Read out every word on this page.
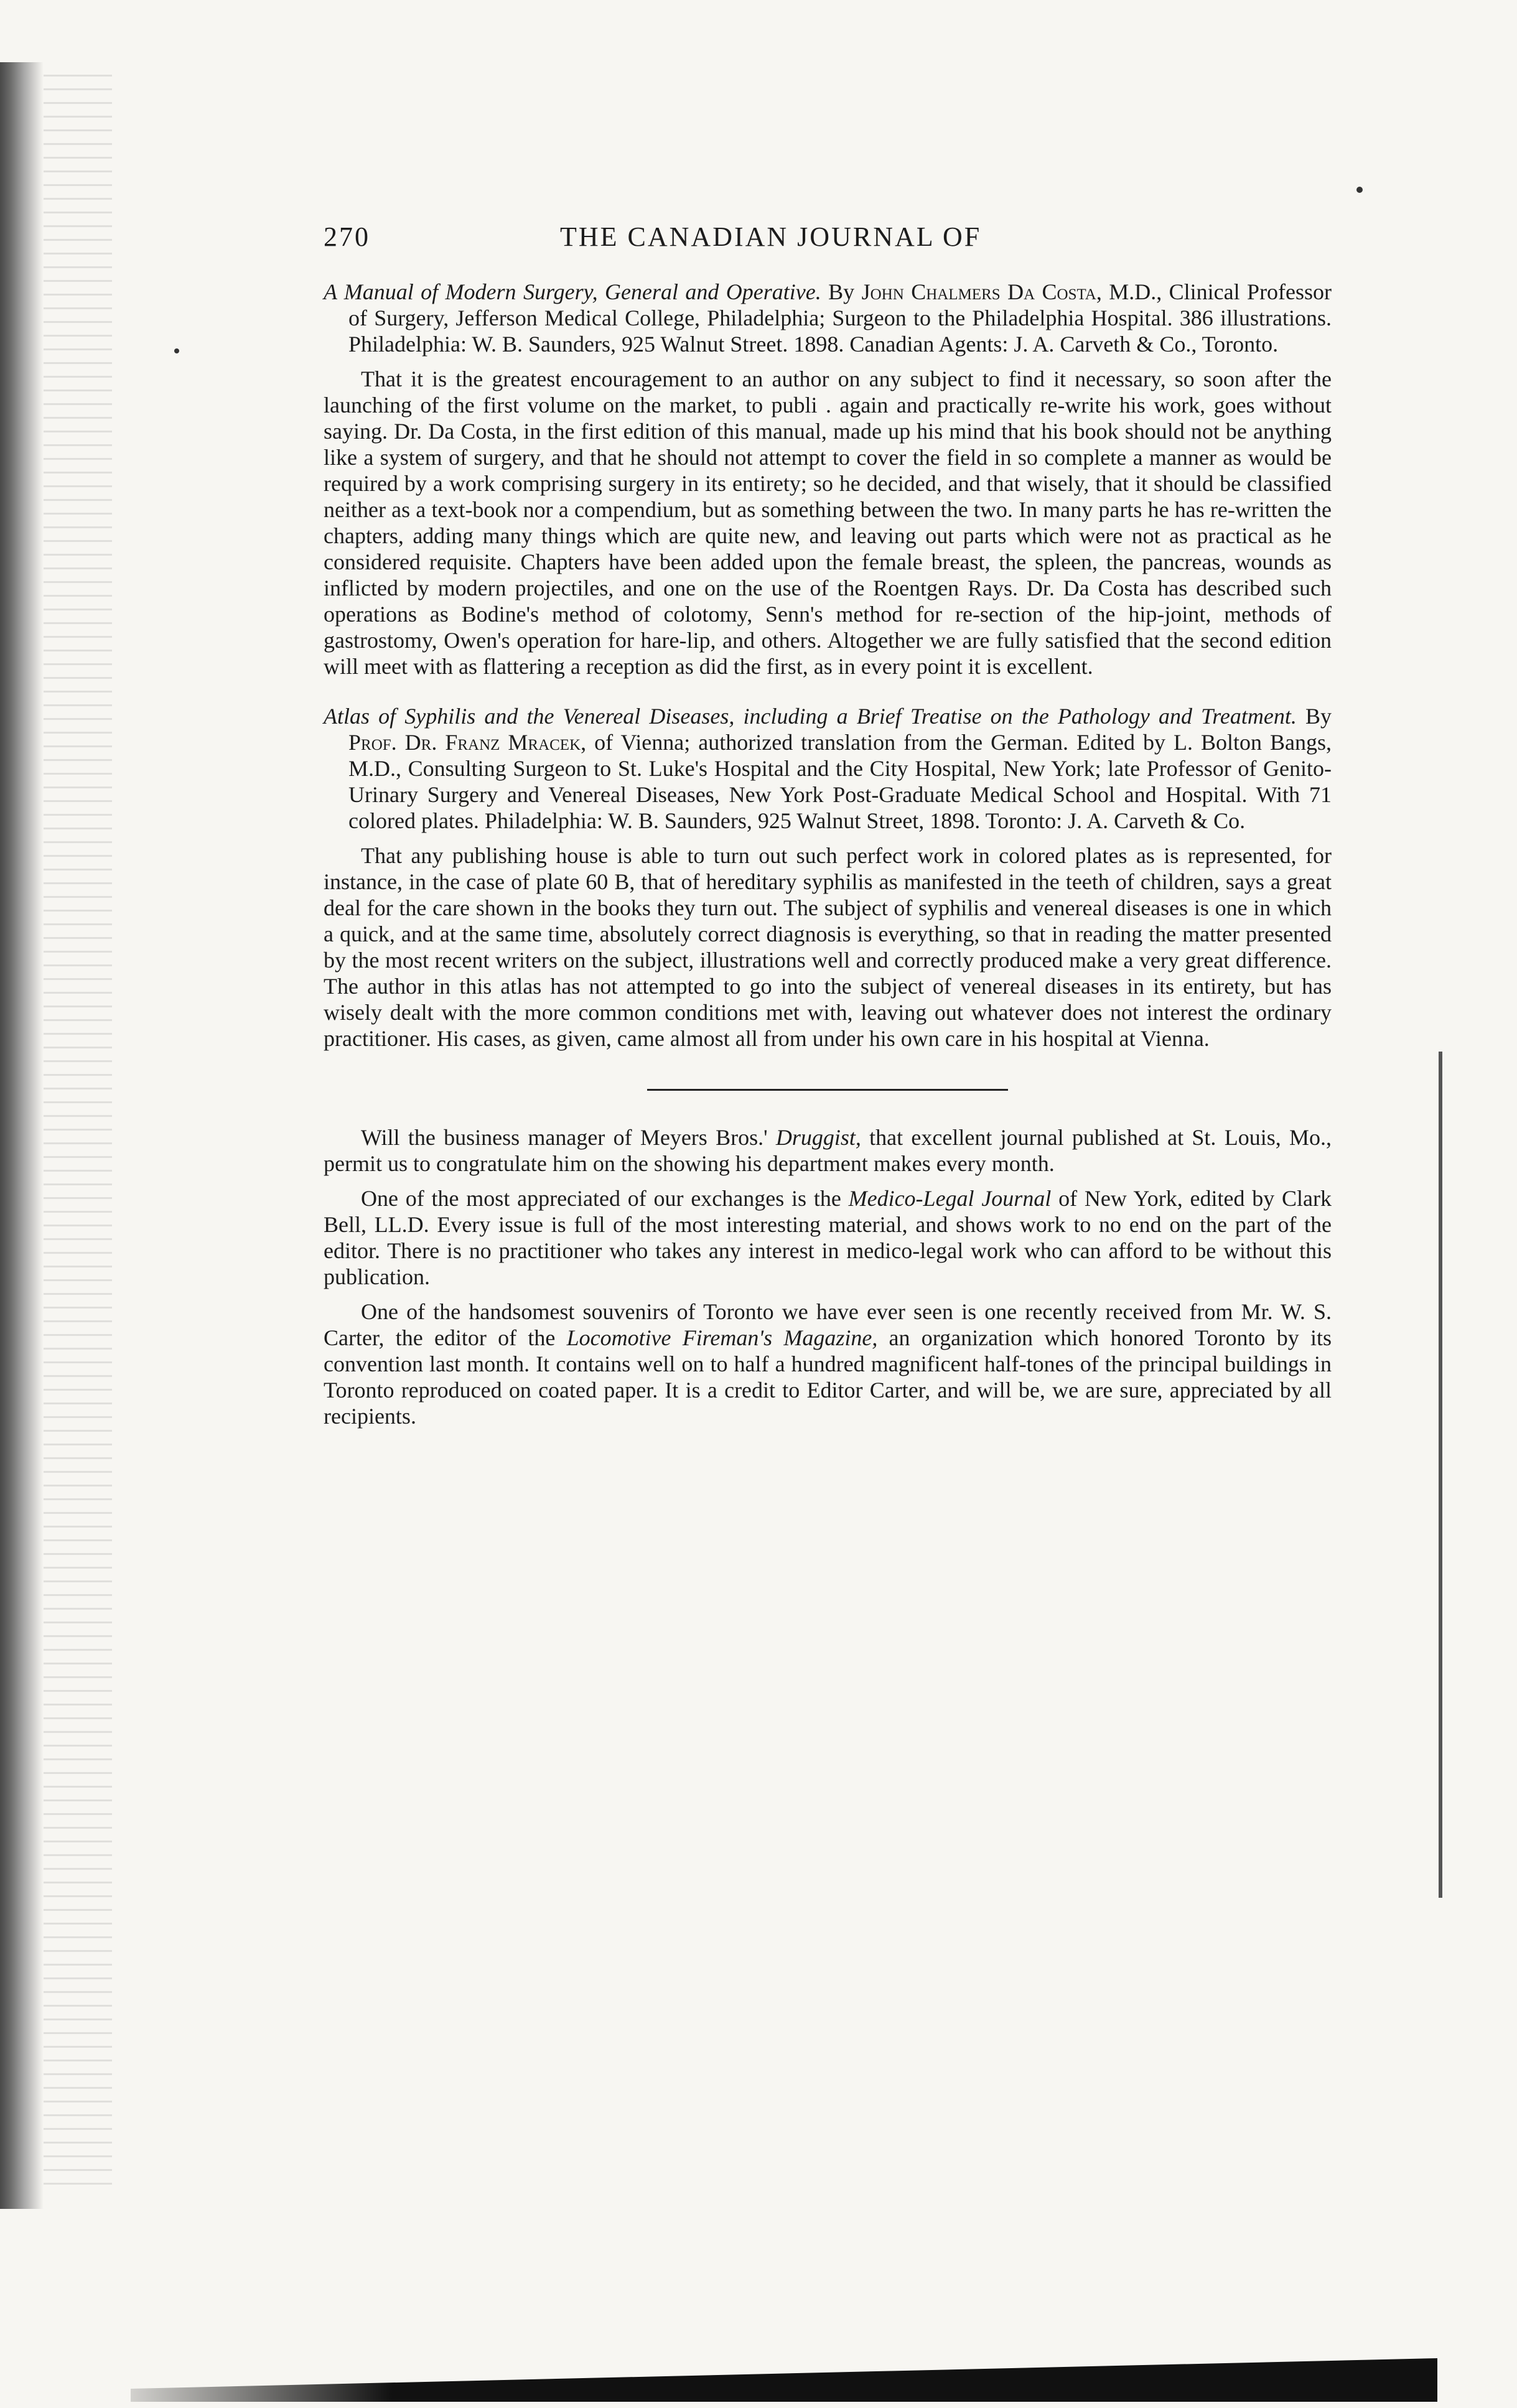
270	THE CANADIAN JOURNAL OF

A Manual of Modern Surgery, General and Operative. By John Chalmers Da Costa, M.D., Clinical Professor of Surgery, Jefferson Medical College, Philadelphia; Surgeon to the Philadelphia Hospital. 386 illustrations. Philadelphia: W. B. Saunders, 925 Walnut Street. 1898. Canadian Agents: J. A. Carveth & Co., Toronto.

That it is the greatest encouragement to an author on any subject to find it necessary, so soon after the launching of the first volume on the market, to publi . again and practically re-write his work, goes without saying. Dr. Da Costa, in the first edition of this manual, made up his mind that his book should not be anything like a system of surgery, and that he should not attempt to cover the field in so complete a manner as would be required by a work comprising surgery in its entirety; so he decided, and that wisely, that it should be classified neither as a text-book nor a compendium, but as something between the two. In many parts he has re-written the chapters, adding many things which are quite new, and leaving out parts which were not as practical as he considered requisite. Chapters have been added upon the female breast, the spleen, the pancreas, wounds as inflicted by modern projectiles, and one on the use of the Roentgen Rays. Dr. Da Costa has described such operations as Bodine's method of colotomy, Senn's method for re-section of the hip-joint, methods of gastrostomy, Owen's operation for hare-lip, and others. Altogether we are fully satisfied that the second edition will meet with as flattering a reception as did the first, as in every point it is excellent.

Atlas of Syphilis and the Venereal Diseases, including a Brief Treatise on the Pathology and Treatment. By Prof. Dr. Franz Mracek, of Vienna; authorized translation from the German. Edited by L. Bolton Bangs, M.D., Consulting Surgeon to St. Luke's Hospital and the City Hospital, New York; late Professor of Genito-Urinary Surgery and Venereal Diseases, New York Post-Graduate Medical School and Hospital. With 71 colored plates. Philadelphia: W. B. Saunders, 925 Walnut Street, 1898. Toronto: J. A. Carveth & Co.

That any publishing house is able to turn out such perfect work in colored plates as is represented, for instance, in the case of plate 60 B, that of hereditary syphilis as manifested in the teeth of children, says a great deal for the care shown in the books they turn out. The subject of syphilis and venereal diseases is one in which a quick, and at the same time, absolutely correct diagnosis is everything, so that in reading the matter presented by the most recent writers on the subject, illustrations well and correctly produced make a very great difference. The author in this atlas has not attempted to go into the subject of venereal diseases in its entirety, but has wisely dealt with the more common conditions met with, leaving out whatever does not interest the ordinary practitioner. His cases, as given, came almost all from under his own care in his hospital at Vienna.

Will the business manager of Meyers Bros.' Druggist, that excellent journal published at St. Louis, Mo., permit us to congratulate him on the showing his department makes every month.

One of the most appreciated of our exchanges is the Medico-Legal Journal of New York, edited by Clark Bell, LL.D. Every issue is full of the most interesting material, and shows work to no end on the part of the editor. There is no practitioner who takes any interest in medico-legal work who can afford to be without this publication.

One of the handsomest souvenirs of Toronto we have ever seen is one recently received from Mr. W. S. Carter, the editor of the Locomotive Fireman's Magazine, an organization which honored Toronto by its convention last month. It contains well on to half a hundred magnificent half-tones of the principal buildings in Toronto reproduced on coated paper. It is a credit to Editor Carter, and will be, we are sure, appreciated by all recipients.
